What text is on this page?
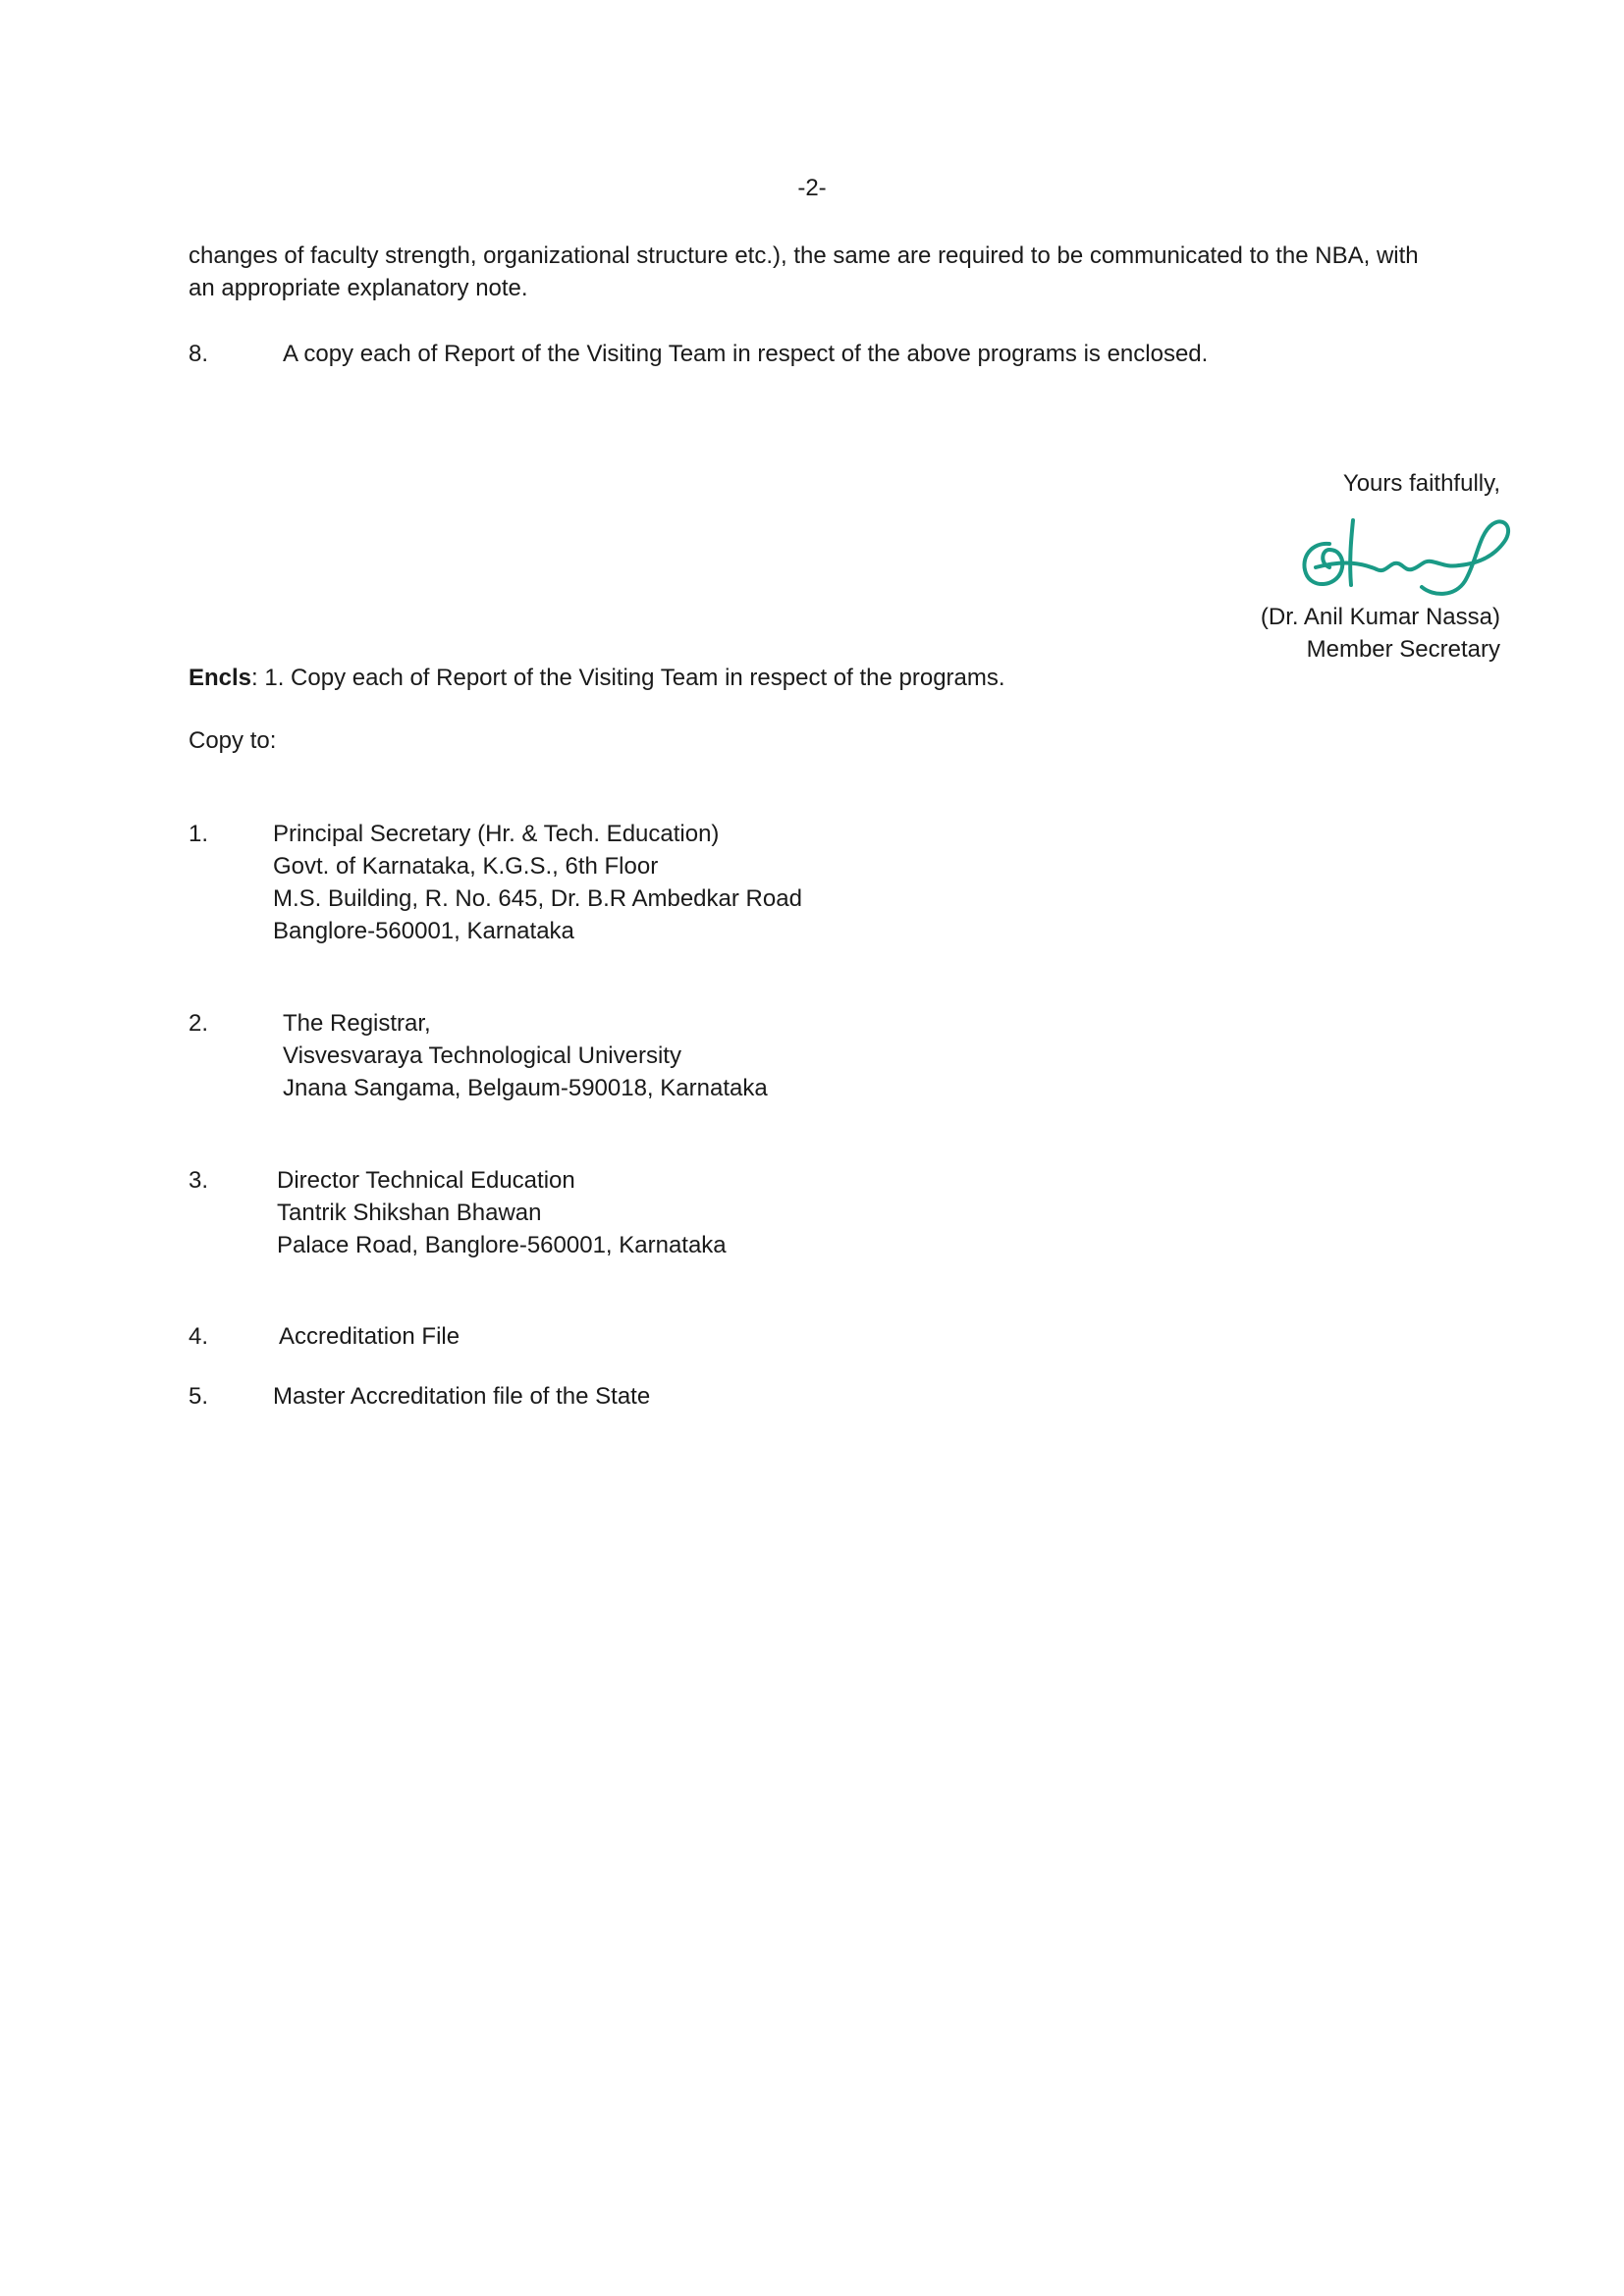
-2-
changes of faculty strength, organizational structure etc.), the same are required to be communicated to the NBA, with
an appropriate explanatory note.
8.	A copy each of Report of the Visiting Team in respect of the above programs is enclosed.
Yours faithfully,
(Dr. Anil Kumar Nassa)
Member Secretary
Encls: 1. Copy each of Report of the Visiting Team in respect of the programs.
Copy to:
1.	Principal Secretary (Hr. & Tech. Education)
Govt. of Karnataka, K.G.S., 6th Floor
M.S. Building, R. No. 645, Dr. B.R Ambedkar Road
Banglore-560001, Karnataka
2.	The Registrar,
Visvesvaraya Technological University
Jnana Sangama, Belgaum-590018, Karnataka
3.	Director Technical Education
Tantrik Shikshan Bhawan
Palace Road, Banglore-560001, Karnataka
4.	Accreditation File
5.	Master Accreditation file of the State
